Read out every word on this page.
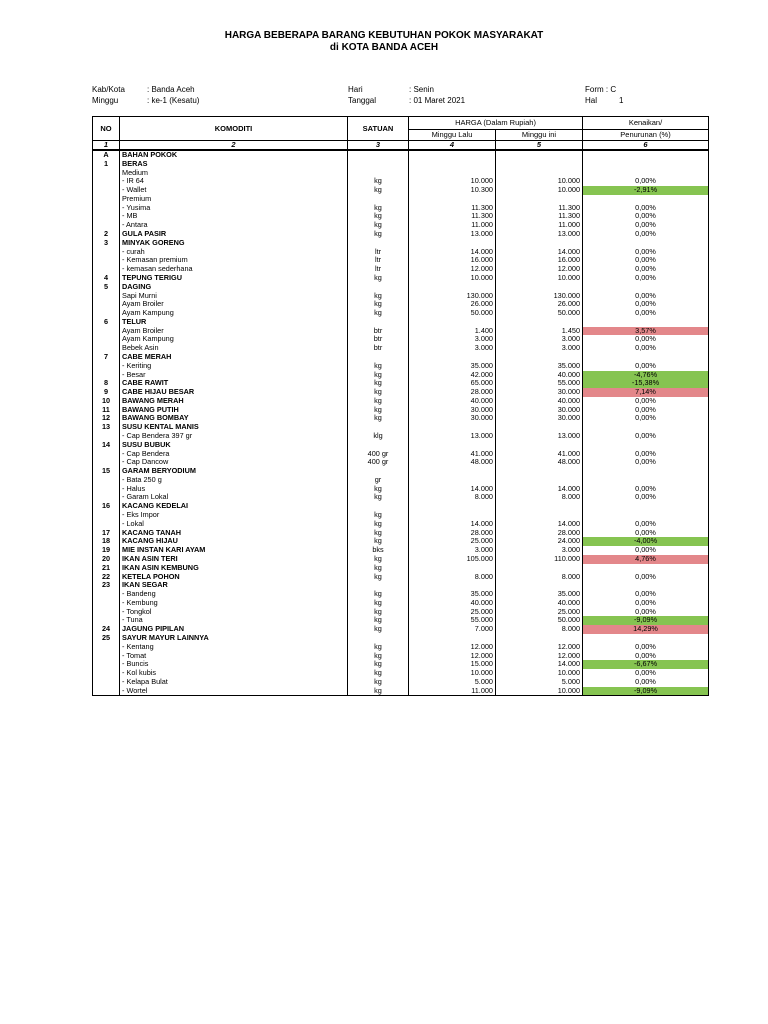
HARGA BEBERAPA BARANG KEBUTUHAN POKOK MASYARAKAT
di KOTA BANDA ACEH
Kab/Kota	: Banda Aceh
Minggu	: ke-1 (Kesatu)
Hari	: Senin
Tanggal	: 01 Maret 2021
Form : C
Hal	1
NO	KOMODITI	SATUAN	HARGA (Dalam Rupiah)		Kenaikan/
			Minggu Lalu	Minggu ini	Penurunan (%)
1	2	3	4	5	6
A	BAHAN POKOK				
1	BERAS				
	Medium				
	- IR 64	kg	10.000	10.000	0,00%
	- Wallet	kg	10.300	10.000	-2,91%
	Premium				
	- Yusima	kg	11.300	11.300	0,00%
	- MB	kg	11.300	11.300	0,00%
	- Antara	kg	11.000	11.000	0,00%
2	GULA PASIR	kg	13.000	13.000	0,00%
3	MINYAK GORENG				
	- curah	ltr	14.000	14.000	0,00%
	- Kemasan premium	ltr	16.000	16.000	0,00%
	- kemasan sederhana	ltr	12.000	12.000	0,00%
4	TEPUNG TERIGU	kg	10.000	10.000	0,00%
5	DAGING				
	Sapi Murni	kg	130.000	130.000	0,00%
	Ayam Broiler	kg	26.000	26.000	0,00%
	Ayam Kampung	kg	50.000	50.000	0,00%
6	TELUR				
	Ayam Broiler	btr	1.400	1.450	3,57%
	Ayam Kampung	btr	3.000	3.000	0,00%
	Bebek Asin	btr	3.000	3.000	0,00%
7	CABE MERAH				
	- Keriting	kg	35.000	35.000	0,00%
	- Besar	kg	42.000	40.000	-4,76%
8	CABE RAWIT	kg	65.000	55.000	-15,38%
9	CABE HIJAU BESAR	kg	28.000	30.000	7,14%
10	BAWANG MERAH	kg	40.000	40.000	0,00%
11	BAWANG PUTIH	kg	30.000	30.000	0,00%
12	BAWANG BOMBAY	kg	30.000	30.000	0,00%
13	SUSU KENTAL MANIS				
	- Cap Bendera 397 gr	klg	13.000	13.000	0,00%
14	SUSU BUBUK				
	- Cap Bendera	400 gr	41.000	41.000	0,00%
	- Cap Dancow	400 gr	48.000	48.000	0,00%
15	GARAM BERYODIUM				
	- Bata 250 g	gr			
	- Halus	kg	14.000	14.000	0,00%
	- Garam Lokal	kg	8.000	8.000	0,00%
16	KACANG KEDELAI				
	- Eks Impor	kg			
	- Lokal	kg	14.000	14.000	0,00%
17	KACANG TANAH	kg	28.000	28.000	0,00%
18	KACANG HIJAU	kg	25.000	24.000	-4,00%
19	MIE INSTAN KARI AYAM	bks	3.000	3.000	0,00%
20	IKAN ASIN TERI	kg	105.000	110.000	4,76%
21	IKAN ASIN KEMBUNG	kg			
22	KETELA POHON	kg	8.000	8.000	0,00%
23	IKAN SEGAR				
	- Bandeng	kg	35.000	35.000	0,00%
	- Kembung	kg	40.000	40.000	0,00%
	- Tongkol	kg	25.000	25.000	0,00%
	- Tuna	kg	55.000	50.000	-9,09%
24	JAGUNG PIPILAN	kg	7.000	8.000	14,29%
25	SAYUR MAYUR LAINNYA				
	- Kentang	kg	12.000	12.000	0,00%
	- Tomat	kg	12.000	12.000	0,00%
	- Buncis	kg	15.000	14.000	-6,67%
	- Kol kubis	kg	10.000	10.000	0,00%
	- Kelapa Bulat	kg	5.000	5.000	0,00%
	- Wortel	kg	11.000	10.000	-9,09%
